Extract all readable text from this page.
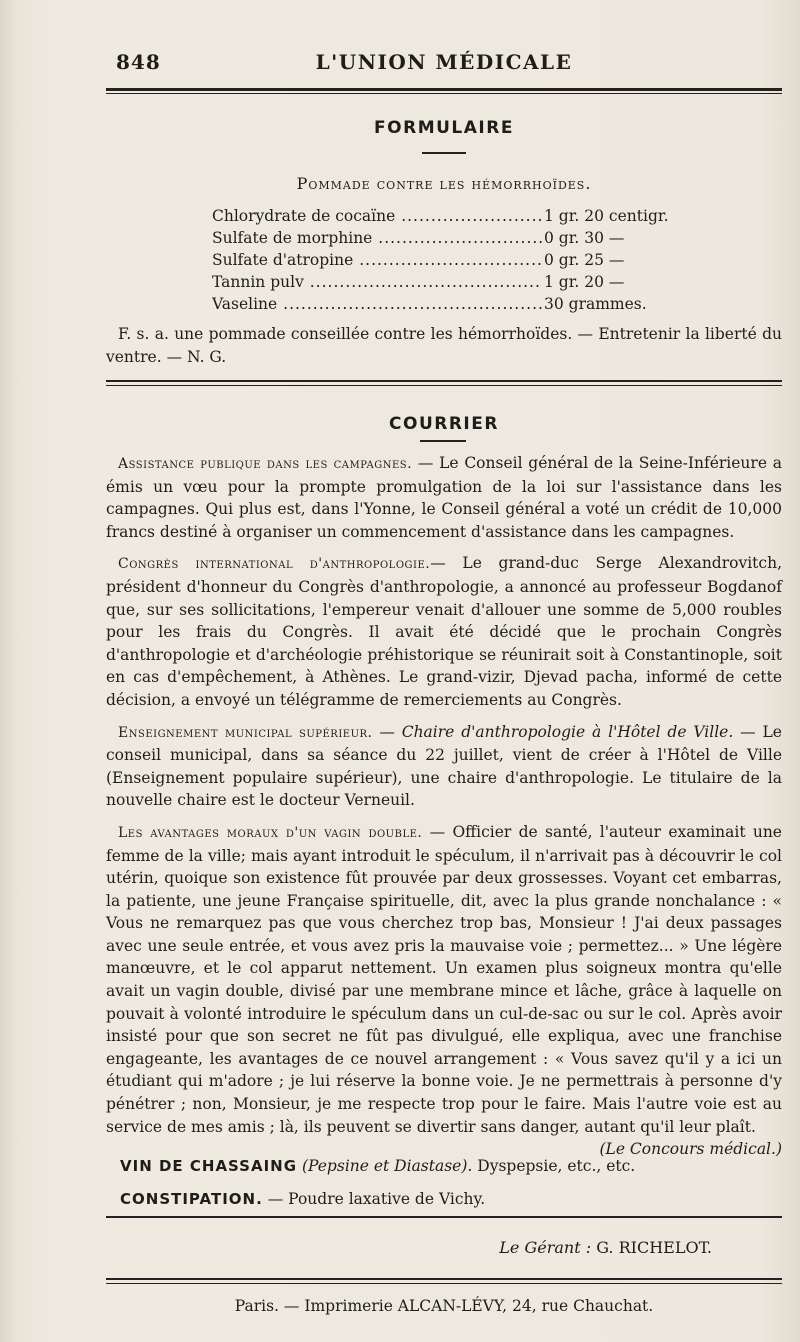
848	L'UNION MÉDICALE
FORMULAIRE
Pommade contre les hémorrhoïdes.
Chlorydrate de cocaïne .....	1 gr. 20 centigr.
Sulfate de morphine .....	0 gr. 30 —
Sulfate d'atropine .....	0 gr. 25 —
Tannin pulv .....	1 gr. 20 —
Vaseline .....	30 grammes.

F. s. a. une pommade conseillée contre les hémorrhoïdes. — Entretenir la liberté du ventre. — N. G.

COURRIER

Assistance publique dans les campagnes. — Le Conseil général de la Seine-Inférieure a émis un vœu pour la prompte promulgation de la loi sur l'assistance dans les campagnes. Qui plus est, dans l'Yonne, le Conseil général a voté un crédit de 10,000 francs destiné à organiser un commencement d'assistance dans les campagnes.

Congrès international d'anthropologie.— Le grand-duc Serge Alexandrovitch, président d'honneur du Congrès d'anthropologie, a annoncé au professeur Bogdanof que, sur ses sollicitations, l'empereur venait d'allouer une somme de 5,000 roubles pour les frais du Congrès. Il avait été décidé que le prochain Congrès d'anthropologie et d'archéologie préhistorique se réunirait soit à Constantinople, soit en cas d'empêchement, à Athènes. Le grand-vizir, Djevad pacha, informé de cette décision, a envoyé un télégramme de remerciements au Congrès.

Enseignement municipal supérieur. — Chaire d'anthropologie à l'Hôtel de Ville. — Le conseil municipal, dans sa séance du 22 juillet, vient de créer à l'Hôtel de Ville (Enseignement populaire supérieur), une chaire d'anthropologie. Le titulaire de la nouvelle chaire est le docteur Verneuil.

Les avantages moraux d'un vagin double. — Officier de santé, l'auteur examinait une femme de la ville; mais ayant introduit le spéculum, il n'arrivait pas à découvrir le col utérin, quoique son existence fût prouvée par deux grossesses. Voyant cet embarras, la patiente, une jeune Française spirituelle, dit, avec la plus grande nonchalance : « Vous ne remarquez pas que vous cherchez trop bas, Monsieur ! J'ai deux passages avec une seule entrée, et vous avez pris la mauvaise voie ; permettez... » Une légère manœuvre, et le col apparut nettement. Un examen plus soigneux montra qu'elle avait un vagin double, divisé par une membrane mince et lâche, grâce à laquelle on pouvait à volonté introduire le spéculum dans un cul-de-sac ou sur le col. Après avoir insisté pour que son secret ne fût pas divulgué, elle expliqua, avec une franchise engageante, les avantages de ce nouvel arrangement : « Vous savez qu'il y a ici un étudiant qui m'adore ; je lui réserve la bonne voie. Je ne permettrais à personne d'y pénétrer ; non, Monsieur, je me respecte trop pour le faire. Mais l'autre voie est au service de mes amis ; là, ils peuvent se divertir sans danger, autant qu'il leur plaît.
(Le Concours médical.)

VIN DE CHASSAING (Pepsine et Diastase). Dyspepsie, etc., etc.
CONSTIPATION. — Poudre laxative de Vichy.
Le Gérant : G. RICHELOT.
Paris. — Imprimerie ALCAN-LÉVY, 24, rue Chauchat.
